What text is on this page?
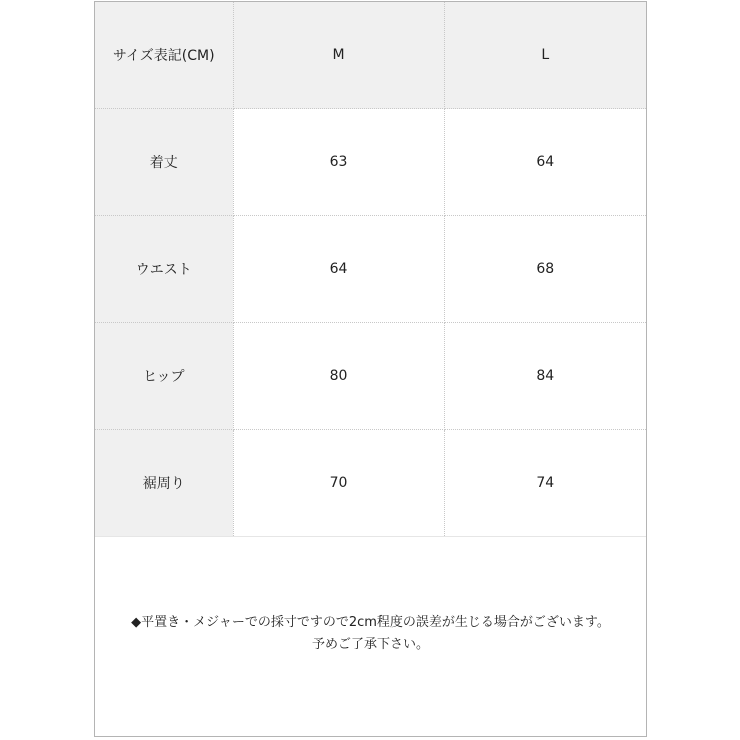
サイズ表記(CM)	M	L
着丈	63	64
ウエスト	64	68
ヒップ	80	84
裾周り	70	74
◆平置き・メジャーでの採寸ですので2cm程度の誤差が生じる場合がございます。
予めご了承下さい。
